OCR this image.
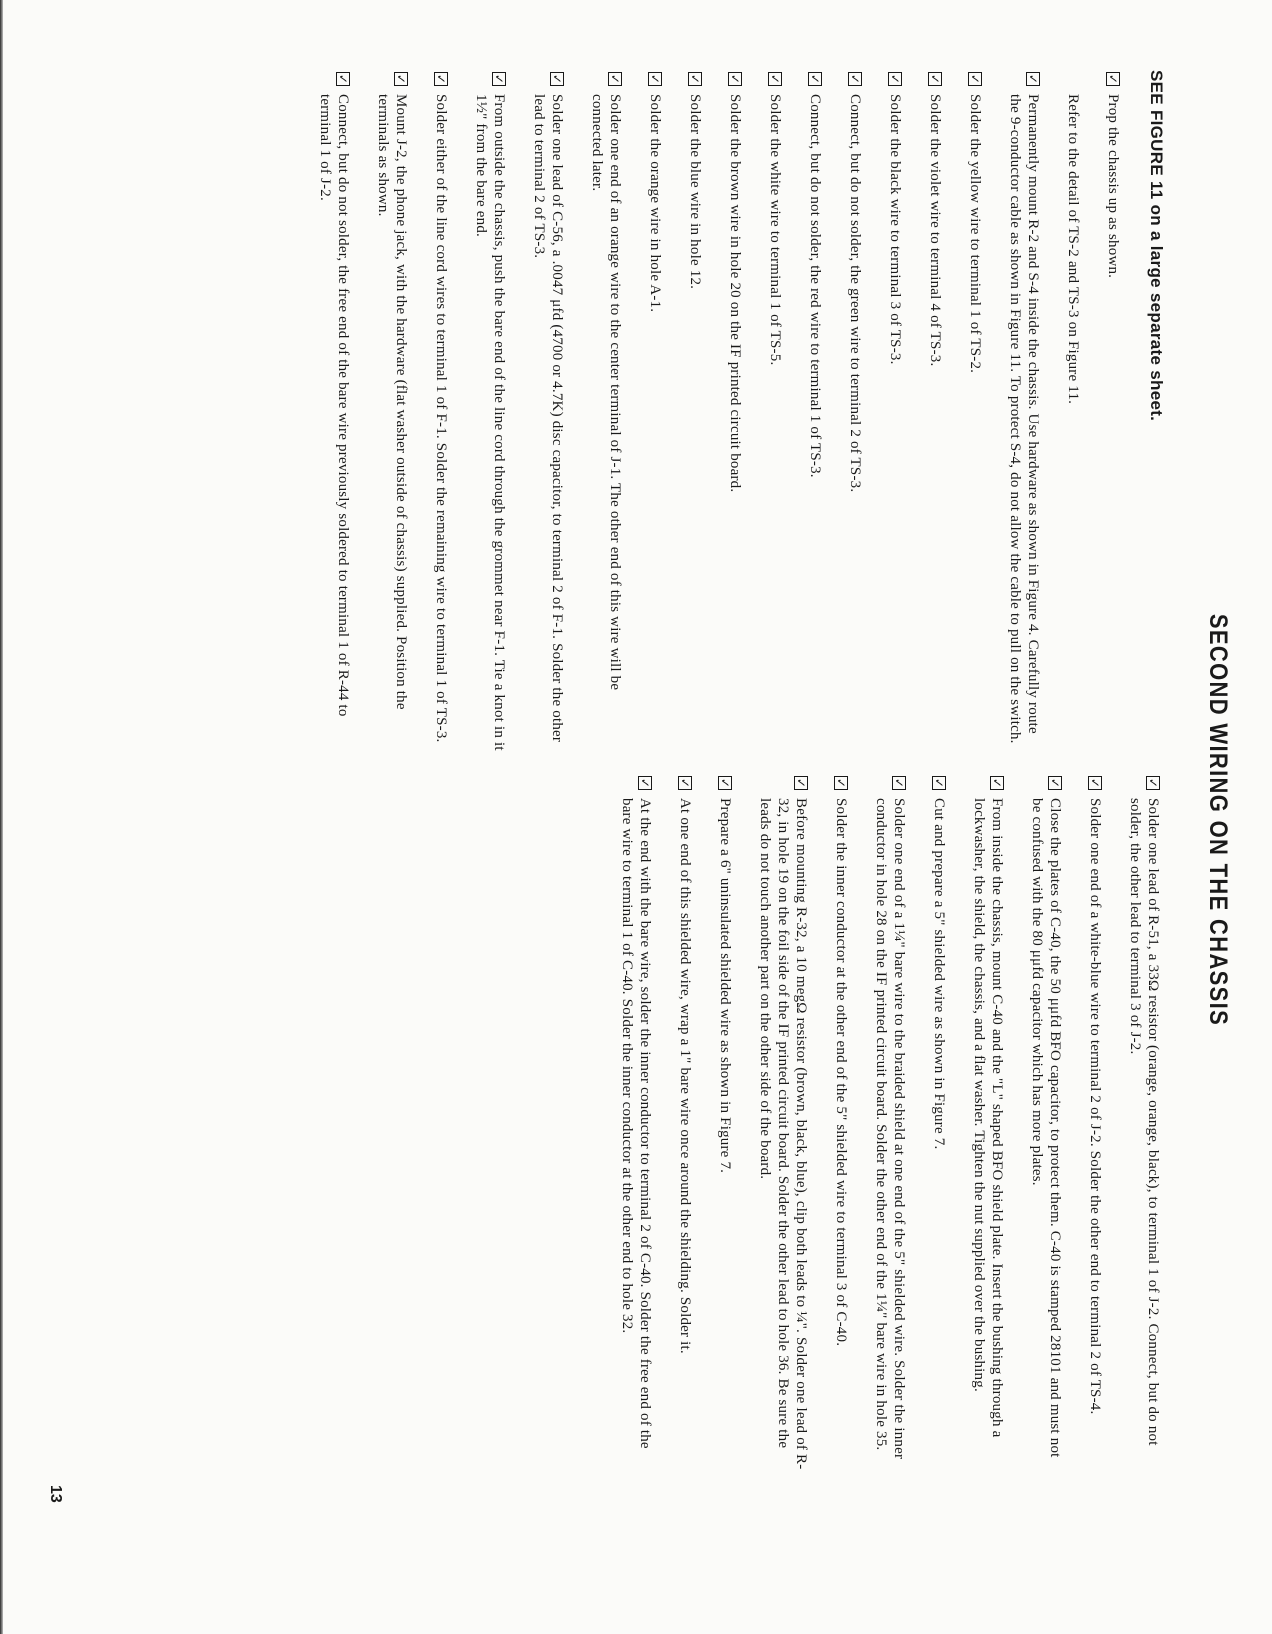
SECOND WIRING ON THE CHASSIS
SEE FIGURE 11 on a large separate sheet.
✓
Prop the chassis up as shown.
Refer to the detail of TS-2 and TS-3 on Figure 11.
✓
Permanently mount R-2 and S-4 inside the chassis. Use hardware as shown in Figure 4. Carefully route the 9-conductor cable as shown in Figure 11. To protect S-4, do not allow the cable to pull on the switch.
✓
Solder the yellow wire to terminal 1 of TS-2.
✓
Solder the violet wire to terminal 4 of TS-3.
✓
Solder the black wire to terminal 3 of TS-3.
✓
Connect, but do not solder, the green wire to terminal 2 of TS-3.
✓
Connect, but do not solder, the red wire to terminal 1 of TS-3.
✓
Solder the white wire to terminal 1 of TS-5.
✓
Solder the brown wire in hole 20 on the IF printed circuit board.
✓
Solder the blue wire in hole 12.
✓
Solder the orange wire in hole A-1.
✓
Solder one end of an orange wire to the center terminal of J-1. The other end of this wire will be connected later.
✓
Solder one lead of C-56, a .0047 μfd (4700 or 4.7K) disc capacitor, to terminal 2 of F-1. Solder the other lead to terminal 2 of TS-3.
✓
From outside the chassis, push the bare end of the line cord through the grommet near F-1. Tie a knot in it 1½" from the bare end.
✓
Solder either of the line cord wires to terminal 1 of F-1. Solder the remaining wire to terminal 1 of TS-3.
✓
Mount J-2, the phone jack, with the hardware (flat washer outside of chassis) supplied. Position the terminals as shown.
✓
Connect, but do not solder, the free end of the bare wire previously soldered to terminal 1 of R-44 to terminal 1 of J-2.
✓
Solder one lead of R-51, a 33Ω resistor (orange, orange, black), to terminal 1 of J-2. Connect, but do not solder, the other lead to terminal 3 of J-2.
✓
Solder one end of a white-blue wire to terminal 2 of J-2. Solder the other end to terminal 2 of TS-4.
✓
Close the plates of C-40, the 50 μμfd BFO capacitor, to protect them. C-40 is stamped 28101 and must not be confused with the 80 μμfd capacitor which has more plates.
✓
From inside the chassis, mount C-40 and the "L" shaped BFO shield plate. Insert the bushing through a lockwasher, the shield, the chassis, and a flat washer. Tighten the nut supplied over the bushing.
✓
Cut and prepare a 5" shielded wire as shown in Figure 7.
✓
Solder one end of a 1¼" bare wire to the braided shield at one end of the 5" shielded wire. Solder the inner conductor in hole 28 on the IF printed circuit board. Solder the other end of the 1¼" bare wire in hole 35.
✓
Solder the inner conductor at the other end of the 5" shielded wire to terminal 3 of C-40.
✓
Before mounting R-32, a 10 megΩ resistor (brown, black, blue), clip both leads to ¼". Solder one lead of R-32, in hole 19 on the foil side of the IF printed circuit board. Solder the other lead to hole 36. Be sure the leads do not touch another part on the other side of the board.
✓
Prepare a 6" uninsulated shielded wire as shown in Figure 7.
✓
At one end of this shielded wire, wrap a 1" bare wire once around the shielding. Solder it.
✓
At the end with the bare wire, solder the inner conductor to terminal 2 of C-40. Solder the free end of the bare wire to terminal 1 of C-40. Solder the inner conductor at the other end to hole 32.
13
